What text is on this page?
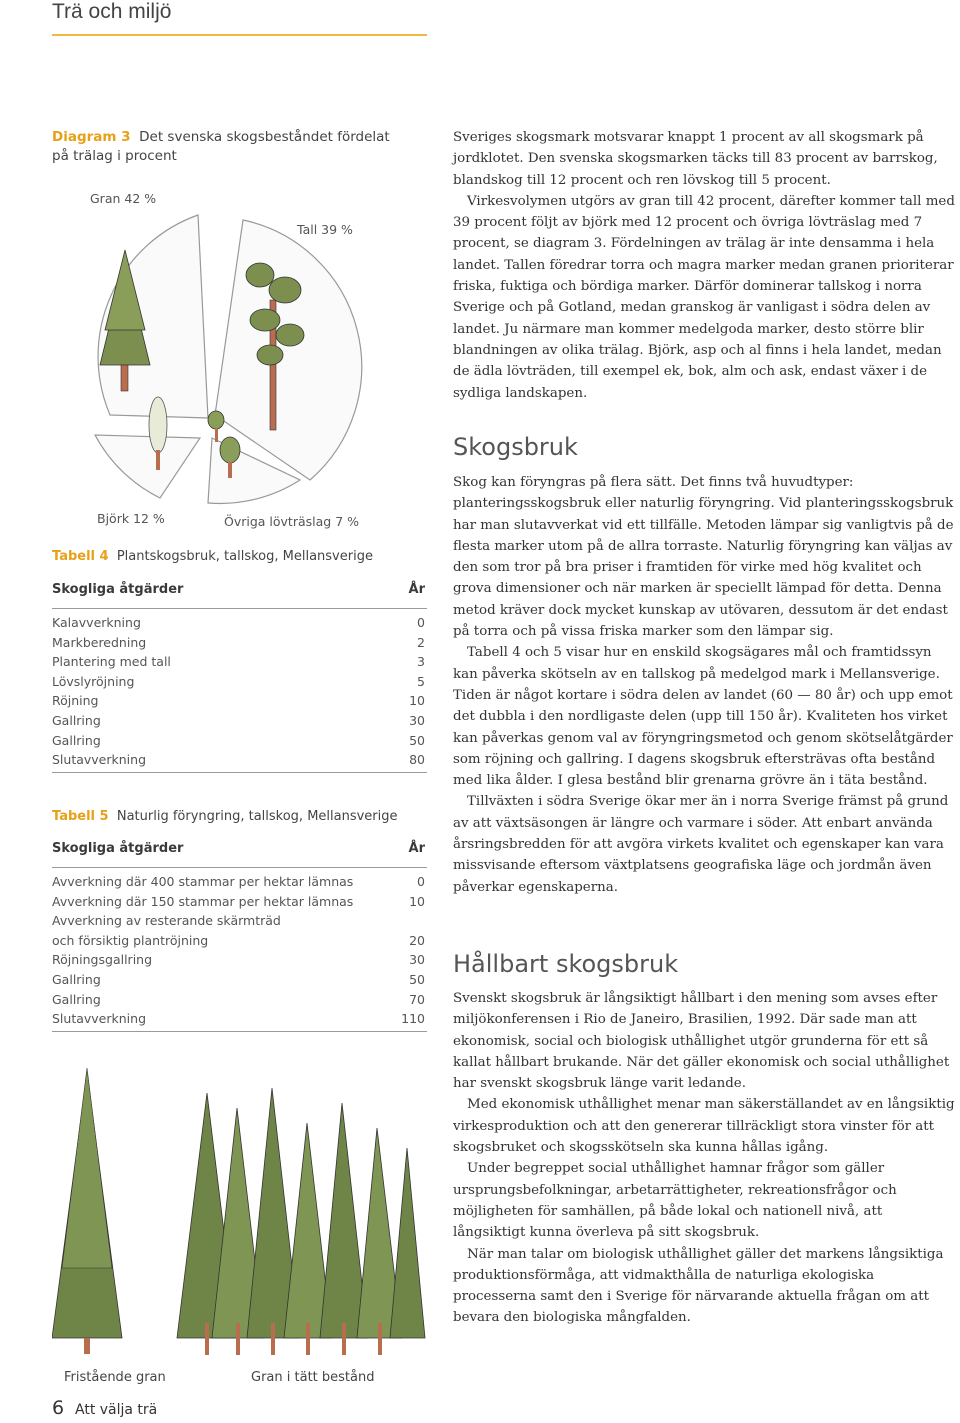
Trä och miljö
Diagram 3 Det svenska skogsbeståndet fördelat på trälag i procent
Gran 42 %
Tall 39 %
Björk 12 %	Övriga lövträslag 7 %
Tabell 4 Plantskogsbruk, tallskog, Mellansverige
Skogliga åtgärder	År
Kalavverkning	0
Markberedning	2
Plantering med tall	3
Lövslyröjning	5
Röjning	10
Gallring	30
Gallring	50
Slutavverkning	80
Tabell 5 Naturlig föryngring, tallskog, Mellansverige
Skogliga åtgärder	År
Avverkning där 400 stammar per hektar lämnas	0
Avverkning där 150 stammar per hektar lämnas	10
Avverkning av resterande skärmträd
och försiktig plantröjning	20
Röjningsgallring	30
Gallring	50
Gallring	70
Slutavverkning	110
Fristående gran	Gran i tätt bestånd

Sveriges skogsmark motsvarar knappt 1 procent av all skogsmark på jordklotet. Den svenska skogsmarken täcks till 83 procent av barrskog, blandskog till 12 procent och ren lövskog till 5 procent.

Virkesvolymen utgörs av gran till 42 procent, därefter kommer tall med 39 procent följt av björk med 12 procent och övriga lövträslag med 7 procent, se diagram 3. Fördelningen av trälag är inte densamma i hela landet. Tallen föredrar torra och magra marker medan granen prioriterar friska, fuktiga och bördiga marker. Därför dominerar tallskog i norra Sverige och på Gotland, medan granskog är vanligast i södra delen av landet. Ju närmare man kommer medelgoda marker, desto större blir blandningen av olika trälag. Björk, asp och al finns i hela landet, medan de ädla lövträden, till exempel ek, bok, alm och ask, endast växer i de sydliga landskapen.

Skogsbruk

Skog kan föryngras på flera sätt. Det finns två huvudtyper: planteringsskogsbruk eller naturlig föryngring. Vid planteringsskogsbruk har man slutavverkat vid ett tillfälle. Metoden lämpar sig vanligtvis på de flesta marker utom på de allra torraste. Naturlig föryngring kan väljas av den som tror på bra priser i framtiden för virke med hög kvalitet och grova dimensioner och när marken är speciellt lämpad för detta. Denna metod kräver dock mycket kunskap av utövaren, dessutom är det endast på torra och på vissa friska marker som den lämpar sig.

Tabell 4 och 5 visar hur en enskild skogsägares mål och framtidssyn kan påverka skötseln av en tallskog på medelgod mark i Mellansverige. Tiden är något kortare i södra delen av landet (60 — 80 år) och upp emot det dubbla i den nordligaste delen (upp till 150 år). Kvaliteten hos virket kan påverkas genom val av föryngringsmetod och genom skötselåtgärder som röjning och gallring. I dagens skogsbruk eftersträvas ofta bestånd med lika ålder. I glesa bestånd blir grenarna grövre än i täta bestånd.

Tillväxten i södra Sverige ökar mer än i norra Sverige främst på grund av att växtsäsongen är längre och varmare i söder. Att enbart använda årsringsbredden för att avgöra virkets kvalitet och egenskaper kan vara missvisande eftersom växtplatsens geografiska läge och jordmån även påverkar egenskaperna.

Hållbart skogsbruk

Svenskt skogsbruk är långsiktigt hållbart i den mening som avses efter miljökonferensen i Rio de Janeiro, Brasilien, 1992. Där sade man att ekonomisk, social och biologisk uthållighet utgör grunderna för ett så kallat hållbart brukande. När det gäller ekonomisk och social uthållighet har svenskt skogsbruk länge varit ledande.

Med ekonomisk uthållighet menar man säkerställandet av en långsiktig virkesproduktion och att den genererar tillräckligt stora vinster för att skogsbruket och skogsskötseln ska kunna hållas igång.

Under begreppet social uthållighet hamnar frågor som gäller ursprungsbefolkningar, arbetarrättigheter, rekreationsfrågor och möjligheten för samhällen, på både lokal och nationell nivå, att långsiktigt kunna överleva på sitt skogsbruk.

När man talar om biologisk uthållighet gäller det markens långsiktiga produktionsförmåga, att vidmakthålla de naturliga ekologiska processerna samt den i Sverige för närvarande aktuella frågan om att bevara den biologiska mångfalden.

6 Att välja trä
